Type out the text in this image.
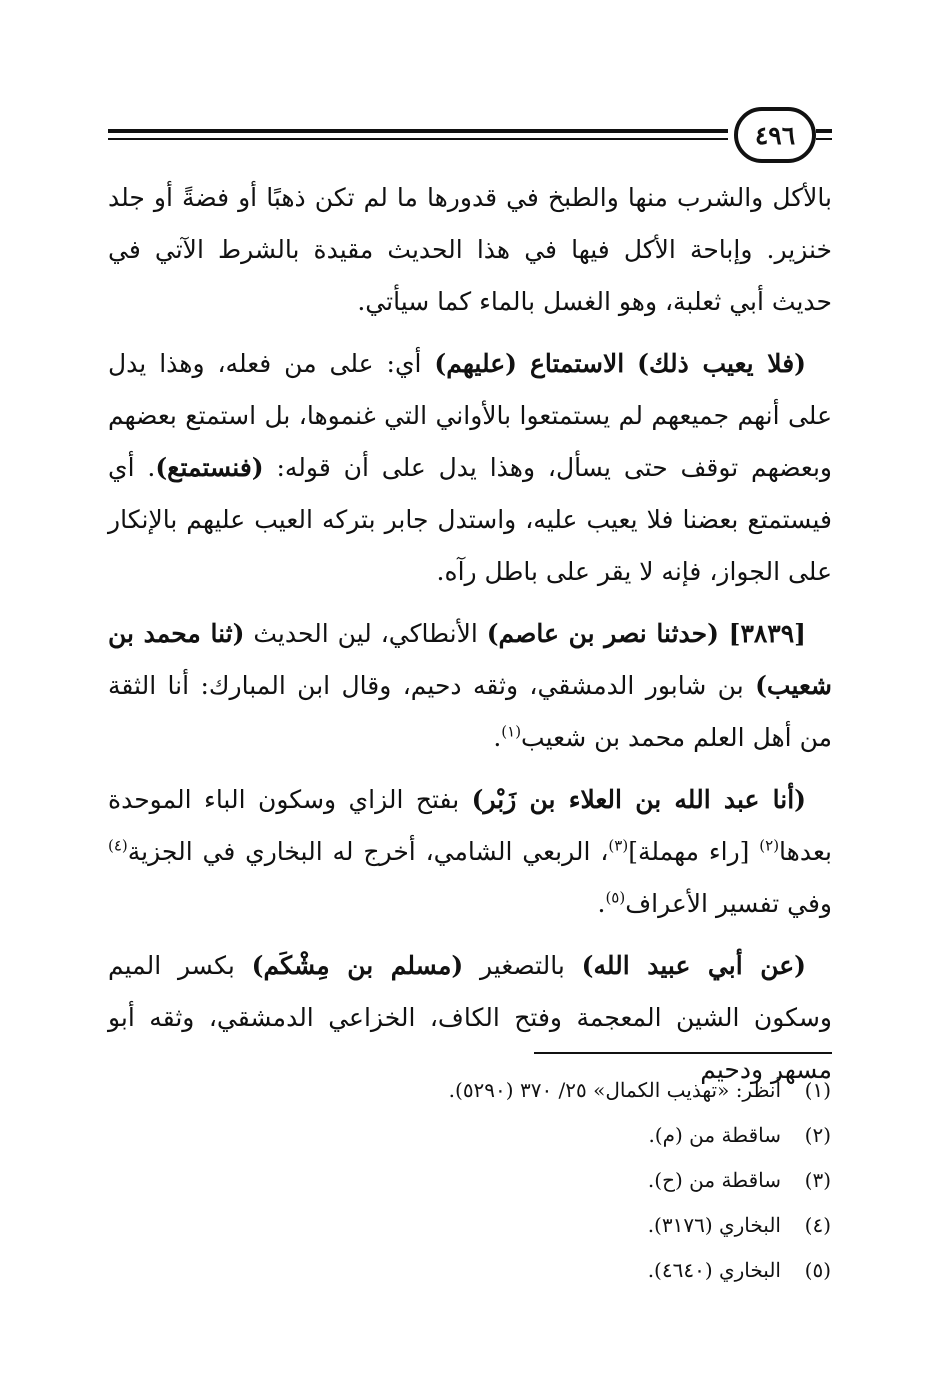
٤٩٦

بالأكل والشرب منها والطبخ في قدورها ما لم تكن ذهبًا أو فضةً أو جلد خنزير. وإباحة الأكل فيها في هذا الحديث مقيدة بالشرط الآتي في حديث أبي ثعلبة، وهو الغسل بالماء كما سيأتي.

(فلا يعيب ذلك) الاستمتاع (عليهم) أي: على من فعله، وهذا يدل على أنهم جميعهم لم يستمتعوا بالأواني التي غنموها، بل استمتع بعضهم وبعضهم توقف حتى يسأل، وهذا يدل على أن قوله: (فنستمتع). أي فيستمتع بعضنا فلا يعيب عليه، واستدل جابر بتركه العيب عليهم بالإنكار على الجواز، فإنه لا يقر على باطل رآه.

[٣٨٣٩] (حدثنا نصر بن عاصم) الأنطاكي، لين الحديث (ثنا محمد بن شعيب) بن شابور الدمشقي، وثقه دحيم، وقال ابن المبارك: أنا الثقة من أهل العلم محمد بن شعيب$^{(١)}$.

(أنا عبد الله بن العلاء بن زَبْر) بفتح الزاي وسكون الباء الموحدة بعدها$^{(٢)}$ [راء مهملة]$^{(٣)}$، الربعي الشامي، أخرج له البخاري في الجزية$^{(٤)}$ وفي تفسير الأعراف$^{(٥)}$.

(عن أبي عبيد الله) بالتصغير (مسلم بن مِشْكَم) بكسر الميم وسكون الشين المعجمة وفتح الكاف، الخزاعي الدمشقي، وثقه أبو مسهر ودحيم

(١)
أنظر: «تهذيب الكمال» ٢٥/ ٣٧٠ (٥٢٩٠).
(٢)
ساقطة من (م).
(٣)
ساقطة من (ح).
(٤)
البخاري (٣١٧٦).
(٥)
البخاري (٤٦٤٠).
